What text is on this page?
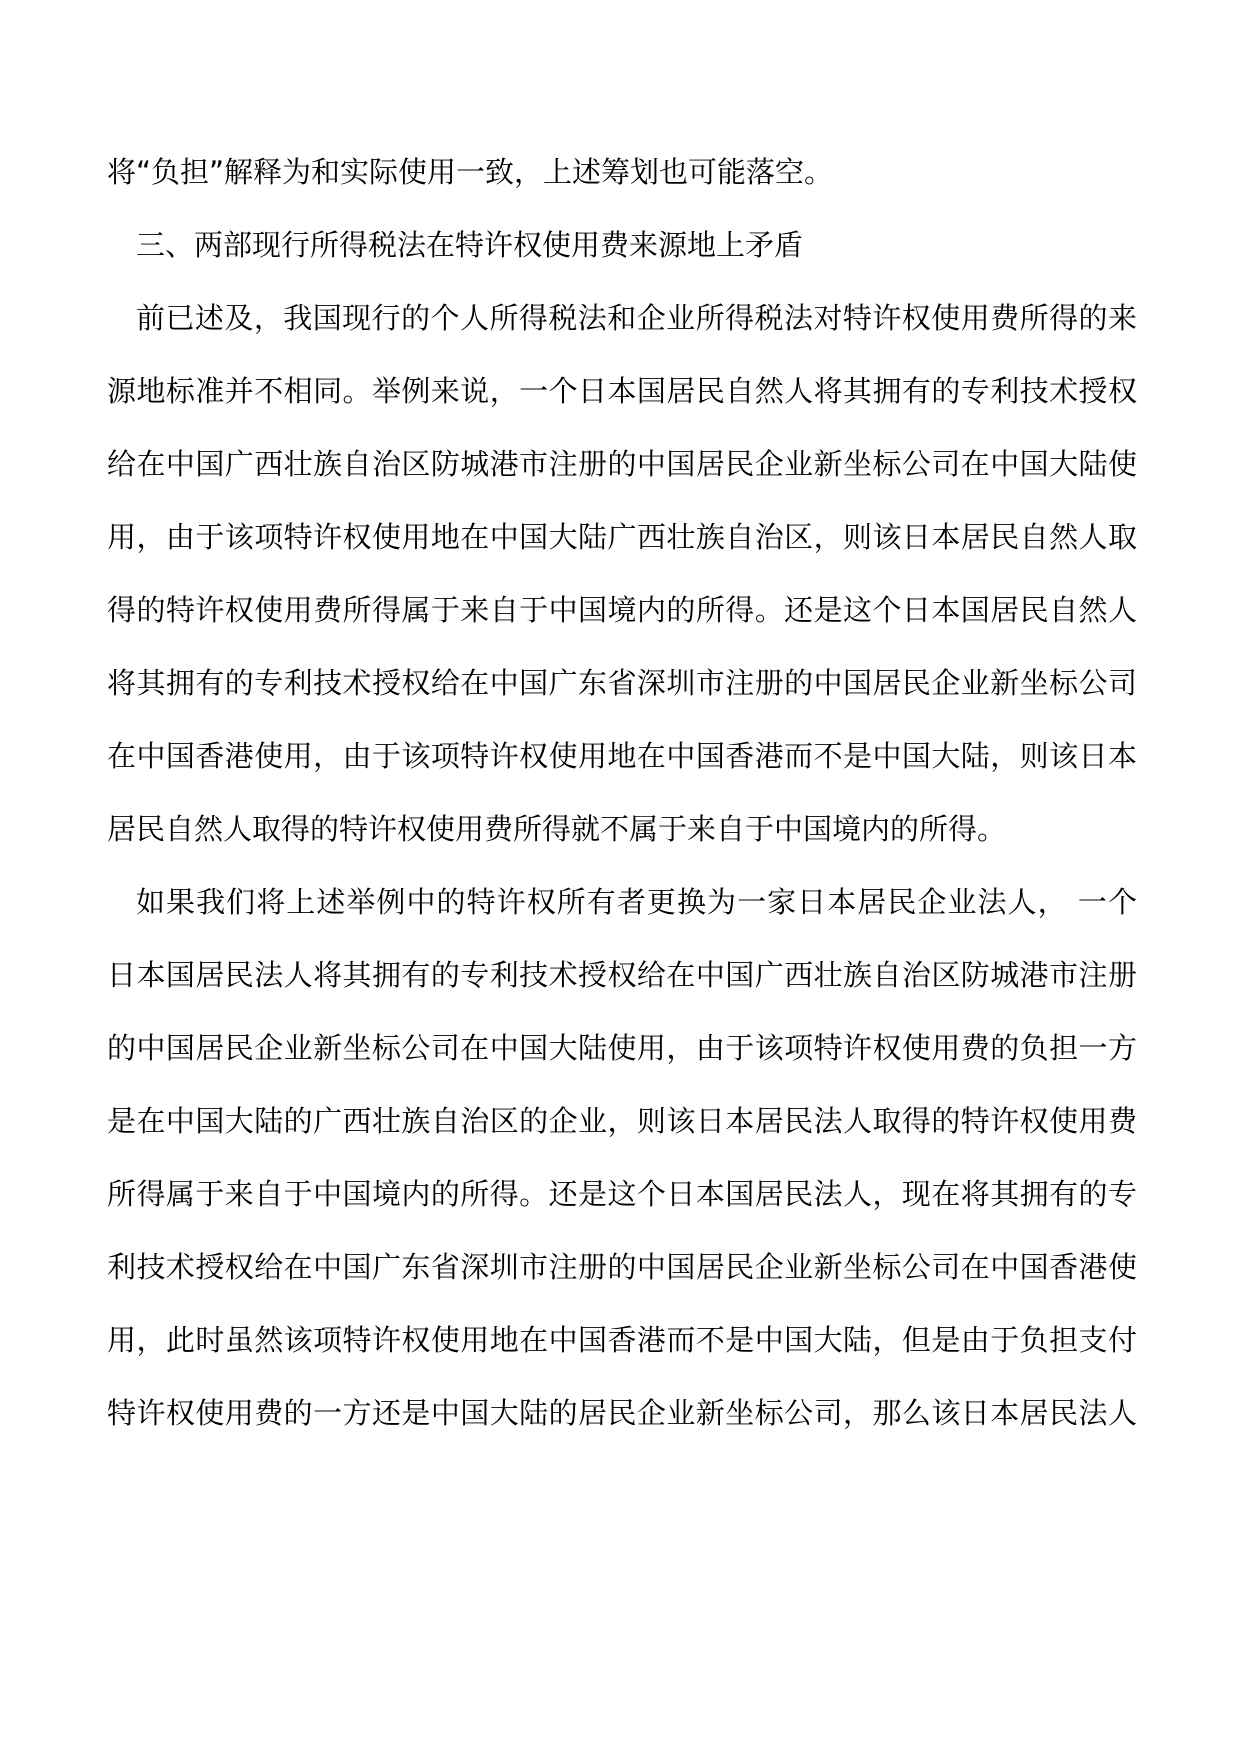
将“负担”解释为和实际使用一致，上述筹划也可能落空。
三、两部现行所得税法在特许权使用费来源地上矛盾
前已述及，我国现行的个人所得税法和企业所得税法对特许权使用费所得的来
源地标准并不相同。举例来说，一个日本国居民自然人将其拥有的专利技术授权
给在中国广西壮族自治区防城港市注册的中国居民企业新坐标公司在中国大陆使
用，由于该项特许权使用地在中国大陆广西壮族自治区，则该日本居民自然人取
得的特许权使用费所得属于来自于中国境内的所得。还是这个日本国居民自然人
将其拥有的专利技术授权给在中国广东省深圳市注册的中国居民企业新坐标公司
在中国香港使用，由于该项特许权使用地在中国香港而不是中国大陆，则该日本
居民自然人取得的特许权使用费所得就不属于来自于中国境内的所得。
如果我们将上述举例中的特许权所有者更换为一家日本居民企业法人， 一个
日本国居民法人将其拥有的专利技术授权给在中国广西壮族自治区防城港市注册
的中国居民企业新坐标公司在中国大陆使用，由于该项特许权使用费的负担一方
是在中国大陆的广西壮族自治区的企业，则该日本居民法人取得的特许权使用费
所得属于来自于中国境内的所得。还是这个日本国居民法人，现在将其拥有的专
利技术授权给在中国广东省深圳市注册的中国居民企业新坐标公司在中国香港使
用，此时虽然该项特许权使用地在中国香港而不是中国大陆，但是由于负担支付
特许权使用费的一方还是中国大陆的居民企业新坐标公司，那么该日本居民法人
